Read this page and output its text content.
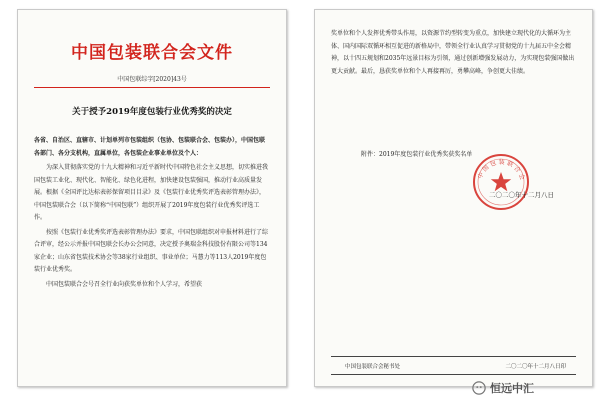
中国包装联合会文件
中国包联综字[2020]43号
关于授予2019年度包装行业优秀奖的决定

各省、自治区、直辖市、计划单列市包装组织（包协、包装联合会、包装办），中国包联各部门、各分支机构，直属单位，各包装企业事业单位及个人：

为深入贯彻落实党的十九大精神和习近平新时代中国特色社会主义思想，切实推进我国包装工业化、现代化、智能化、绿色化进程，加快建设包装强国，推动行业高质量发展。根据《全国评比达标表彰保留项目目录》及《包装行业优秀奖评选表彰管理办法》，中国包装联合会（以下简称“中国包联”）组织开展了2019年度包装行业优秀奖评选工作。

按照《包装行业优秀奖评选表彰管理办法》要求，中国包联组织对申报材料进行了综合评审，经公示并报中国包联会长办公会同意，决定授予奥瑞金科技股份有限公司等134家企业；山东省包装技术协会等38家行业组织、事业单位；马慧力等113人2019年度包装行业优秀奖。

中国包装联合会号召全行业向获奖单位和个人学习，希望获

奖单位和个人发挥优秀带头作用，以资源节约型转变为重点，加快建立现代化的大循环为主体、国内国际双循环相互促进的新格局中，带领全行业认真学习贯彻党的十九届五中全会精神，以十四五规划和2035年远景目标为引领，通过创新增强发展动力，为实现包装强国做出更大贡献。最后，恳获奖单位和个人再接再厉，勇攀高峰，争创更大佳绩。

附件：2019年度包装行业优秀奖获奖名单
中 国 包 装 联 合 会
二〇二〇年十二月八日
中国包装联合会秘书处	二〇二〇年十二月八日印
恒远中汇
